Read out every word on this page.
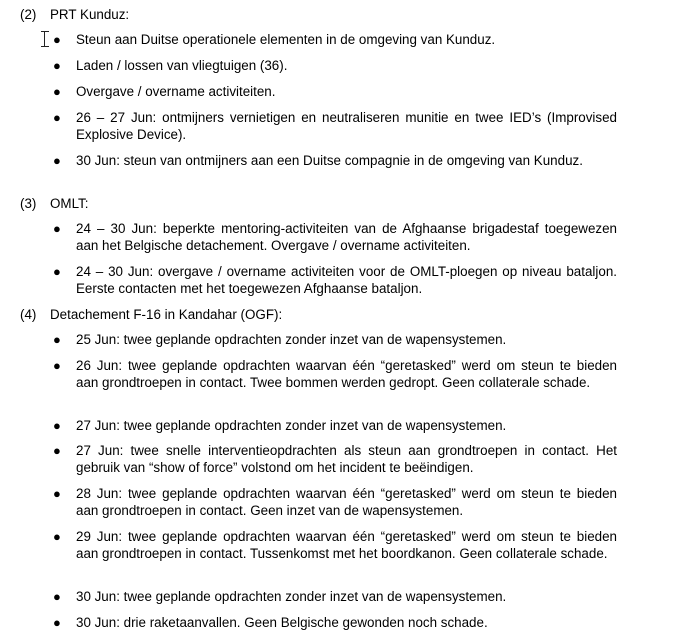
(2) PRT Kunduz:
● Steun aan Duitse operationele elementen in de omgeving van Kunduz.
● Laden / lossen van vliegtuigen (36).
● Overgave / overname activiteiten.
● 26 – 27 Jun: ontmijners vernietigen en neutraliseren munitie en twee IED’s (Improvised Explosive Device).
● 30 Jun: steun van ontmijners aan een Duitse compagnie in de omgeving van Kunduz.
(3) OMLT:
● 24 – 30 Jun: beperkte mentoring-activiteiten van de Afghaanse brigadestaf toegewezen aan het Belgische detachement. Overgave / overname activiteiten.
● 24 – 30 Jun: overgave / overname activiteiten voor de OMLT-ploegen op niveau bataljon. Eerste contacten met het toegewezen Afghaanse bataljon.
(4) Detachement F-16 in Kandahar (OGF):
● 25 Jun: twee geplande opdrachten zonder inzet van de wapensystemen.
● 26 Jun: twee geplande opdrachten waarvan één “geretasked” werd om steun te bieden aan grondtroepen in contact. Twee bommen werden gedropt. Geen collaterale schade.
● 27 Jun: twee geplande opdrachten zonder inzet van de wapensystemen.
● 27 Jun: twee snelle interventieopdrachten als steun aan grondtroepen in contact. Het gebruik van “show of force” volstond om het incident te beëindigen.
● 28 Jun: twee geplande opdrachten waarvan één “geretasked” werd om steun te bieden aan grondtroepen in contact. Geen inzet van de wapensystemen.
● 29 Jun: twee geplande opdrachten waarvan één “geretasked” werd om steun te bieden aan grondtroepen in contact. Tussenkomst met het boordkanon. Geen collaterale schade.
● 30 Jun: twee geplande opdrachten zonder inzet van de wapensystemen.
● 30 Jun: drie raketaanvallen. Geen Belgische gewonden noch schade.
